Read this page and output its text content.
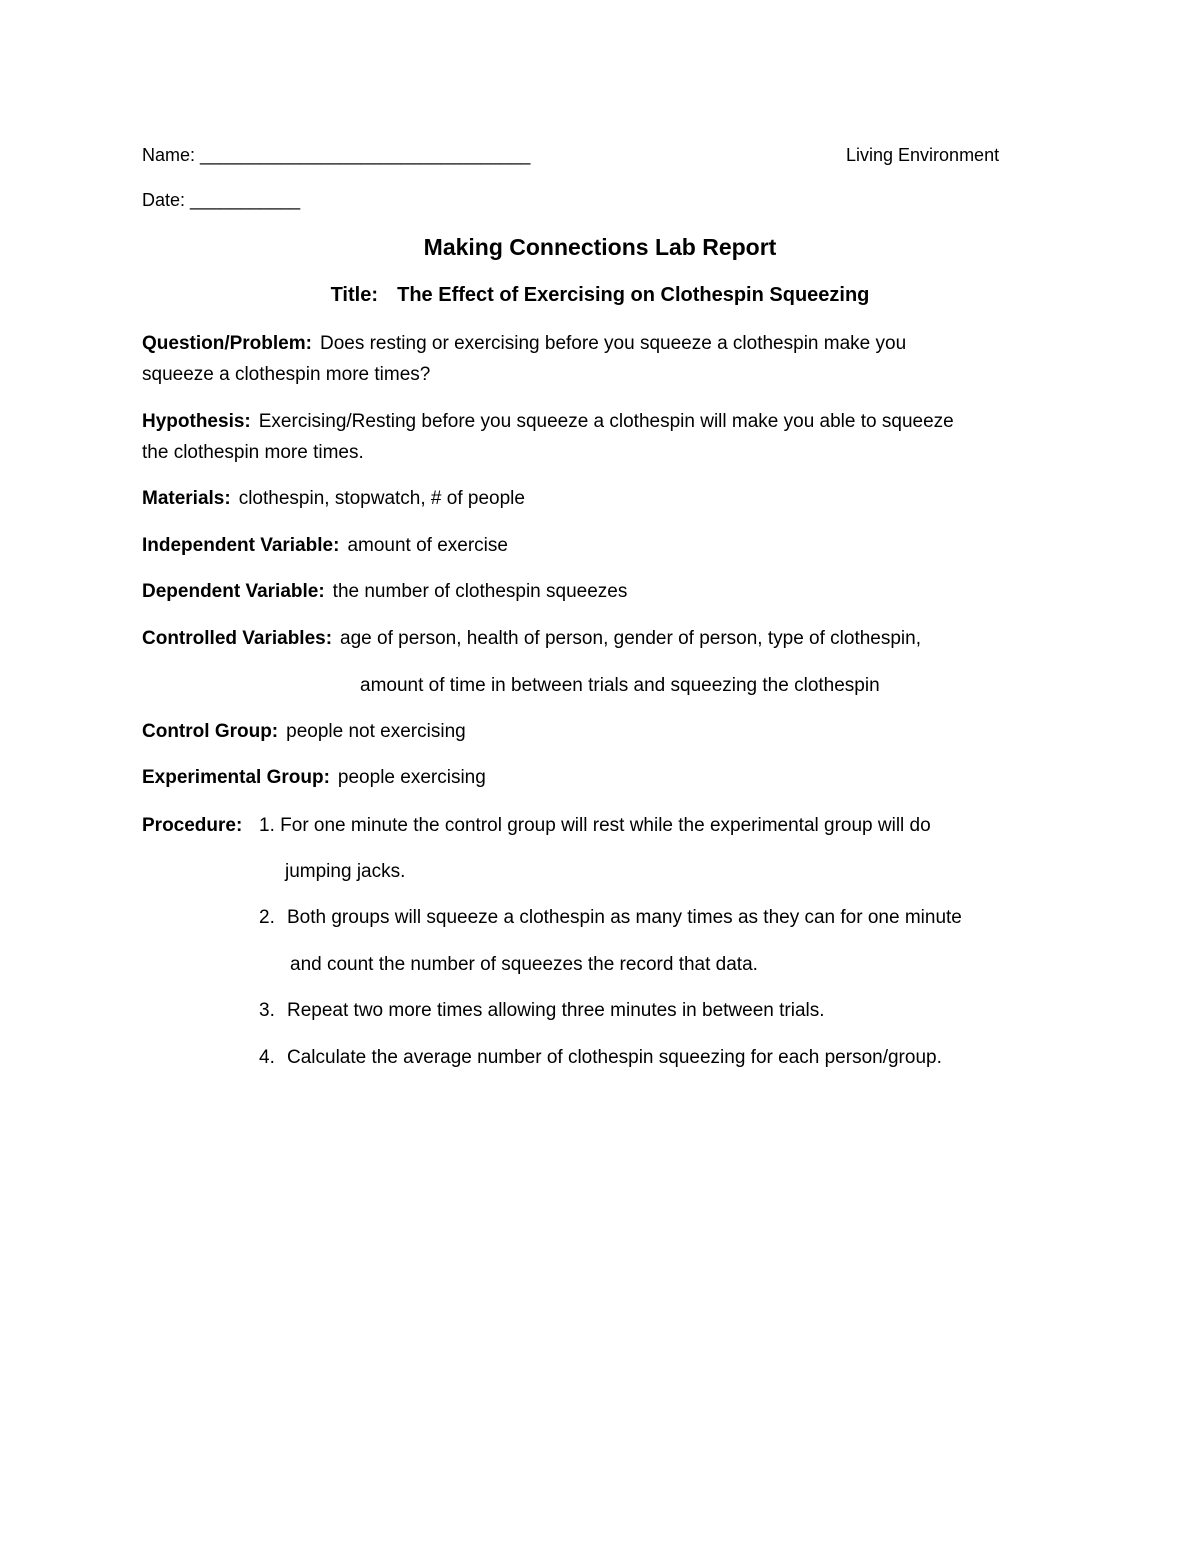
Name: _________________________________	Living Environment
Date: ___________
Making Connections Lab Report
Title: The Effect of Exercising on Clothespin Squeezing
Question/Problem: Does resting or exercising before you squeeze a clothespin make you
squeeze a clothespin more times?
Hypothesis: Exercising/Resting before you squeeze a clothespin will make you able to squeeze
the clothespin more times.
Materials: clothespin, stopwatch, # of people
Independent Variable: amount of exercise
Dependent Variable: the number of clothespin squeezes
Controlled Variables: age of person, health of person, gender of person, type of clothespin,
amount of time in between trials and squeezing the clothespin
Control Group: people not exercising
Experimental Group: people exercising
Procedure: 1. For one minute the control group will rest while the experimental group will do
jumping jacks.
2. Both groups will squeeze a clothespin as many times as they can for one minute
and count the number of squeezes the record that data.
3. Repeat two more times allowing three minutes in between trials.
4. Calculate the average number of clothespin squeezing for each person/group.
